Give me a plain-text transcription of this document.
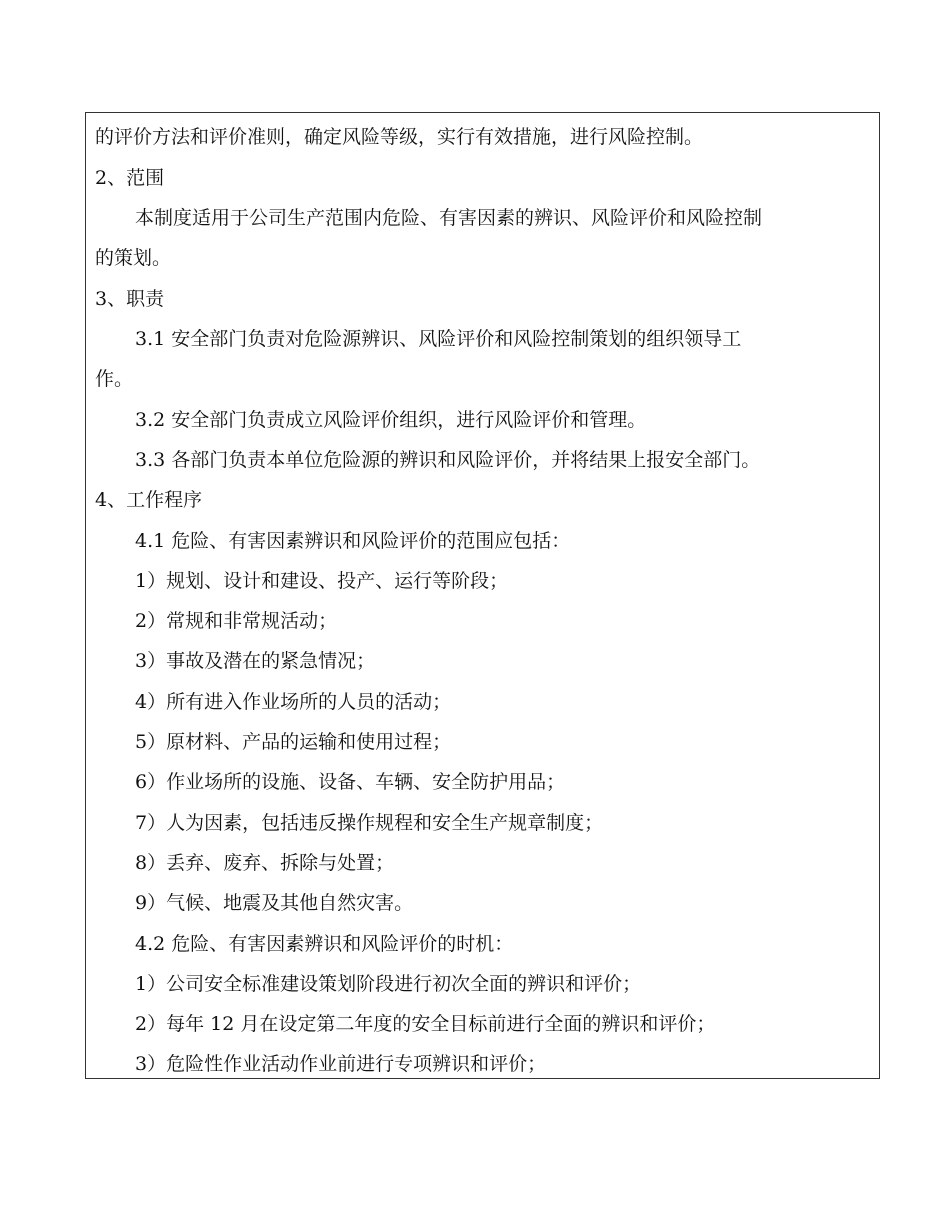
的评价方法和评价准则，确定风险等级，实行有效措施，进行风险控制。
2、范围
本制度适用于公司生产范围内危险、有害因素的辨识、风险评价和风险控制
的策划。
3、职责
3.1 安全部门负责对危险源辨识、风险评价和风险控制策划的组织领导工
作。
3.2 安全部门负责成立风险评价组织，进行风险评价和管理。
3.3 各部门负责本单位危险源的辨识和风险评价，并将结果上报安全部门。
4、工作程序
4.1 危险、有害因素辨识和风险评价的范围应包括：
1）规划、设计和建设、投产、运行等阶段；
2）常规和非常规活动；
3）事故及潜在的紧急情况；
4）所有进入作业场所的人员的活动；
5）原材料、产品的运输和使用过程；
6）作业场所的设施、设备、车辆、安全防护用品；
7）人为因素，包括违反操作规程和安全生产规章制度；
8）丢弃、废弃、拆除与处置；
9）气候、地震及其他自然灾害。
4.2 危险、有害因素辨识和风险评价的时机：
1）公司安全标准建设策划阶段进行初次全面的辨识和评价；
2）每年 12 月在设定第二年度的安全目标前进行全面的辨识和评价；
3）危险性作业活动作业前进行专项辨识和评价；
